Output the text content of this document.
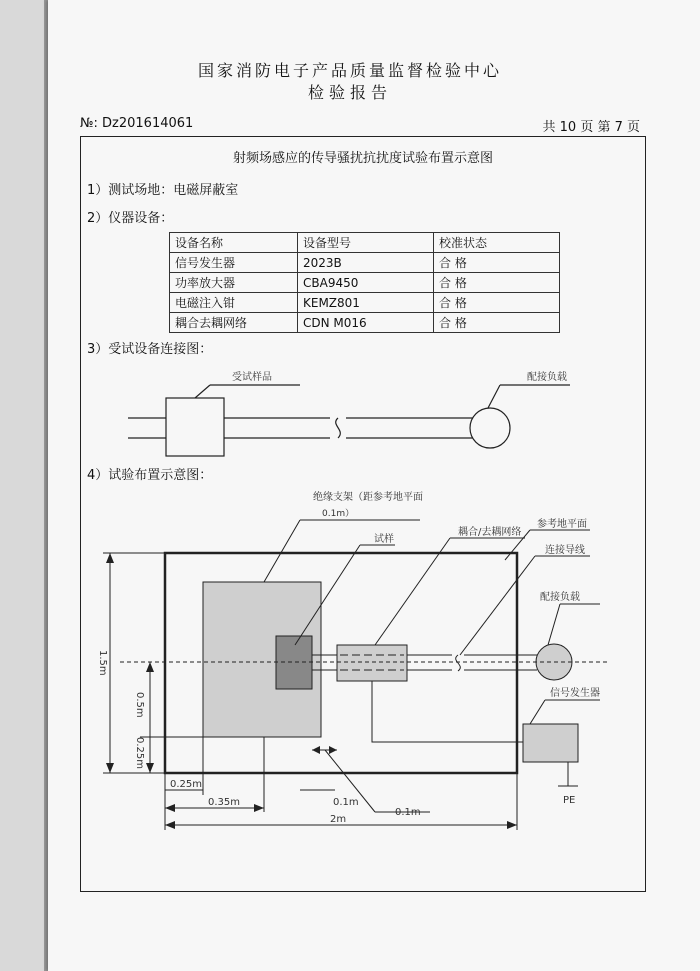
国家消防电子产品质量监督检验中心
检验报告
№: Dz201614061	共 10 页 第 7 页
射频场感应的传导骚扰抗扰度试验布置示意图
1）测试场地：电磁屏蔽室
2）仪器设备：
设备名称	设备型号	校准状态
信号发生器	2023B	合 格
功率放大器	CBA9450	合 格
电磁注入钳	KEMZ801	合 格
耦合去耦网络	CDN M016	合 格
3）受试设备连接图：
4）试验布置示意图：
受试样品	配接负载
绝缘支架（距参考地平面
0.1m）
试样
耦合/去耦网络
参考地平面
连接导线
配接负载
信号发生器
PE
1.5m
0.5m
0.25m
0.25m
0.35m	0.1m
0.1m
2m
